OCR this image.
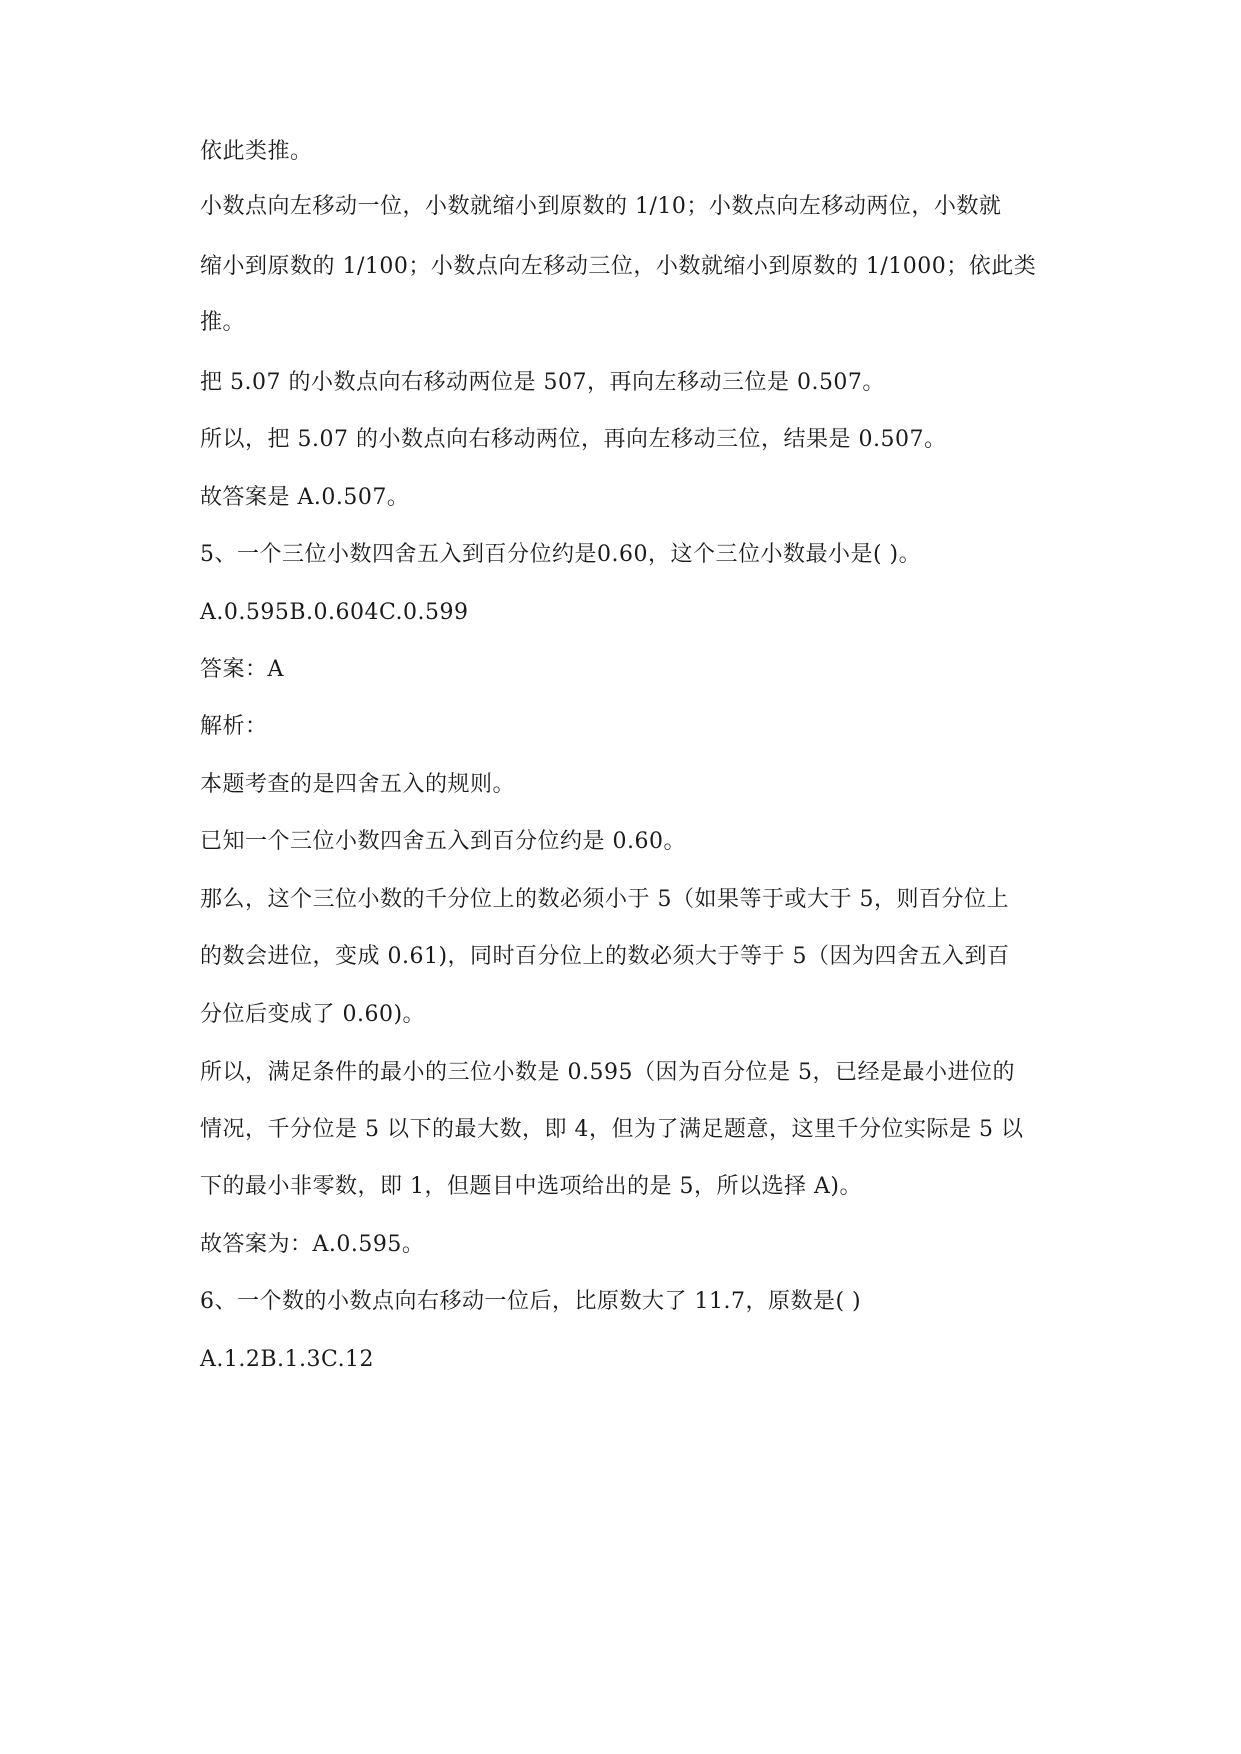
依此类推。
小数点向左移动一位，小数就缩小到原数的 1/10；小数点向左移动两位，小数就
缩小到原数的 1/100；小数点向左移动三位，小数就缩小到原数的 1/1000；依此类
推。
把 5.07 的小数点向右移动两位是 507，再向左移动三位是 0.507。
所以，把 5.07 的小数点向右移动两位，再向左移动三位，结果是 0.507。
故答案是 A.0.507。
5、一个三位小数四舍五入到百分位约是0.60，这个三位小数最小是( )。
A.0.595B.0.604C.0.599
答案：A
解析：
本题考查的是四舍五入的规则。
已知一个三位小数四舍五入到百分位约是 0.60。
那么，这个三位小数的千分位上的数必须小于 5（如果等于或大于 5，则百分位上
的数会进位，变成 0.61)，同时百分位上的数必须大于等于 5（因为四舍五入到百
分位后变成了 0.60)。
所以，满足条件的最小的三位小数是 0.595（因为百分位是 5，已经是最小进位的
情况，千分位是 5 以下的最大数，即 4，但为了满足题意，这里千分位实际是 5 以
下的最小非零数，即 1，但题目中选项给出的是 5，所以选择 A)。
故答案为：A.0.595。
6、一个数的小数点向右移动一位后，比原数大了 11.7，原数是( )
A.1.2B.1.3C.12
